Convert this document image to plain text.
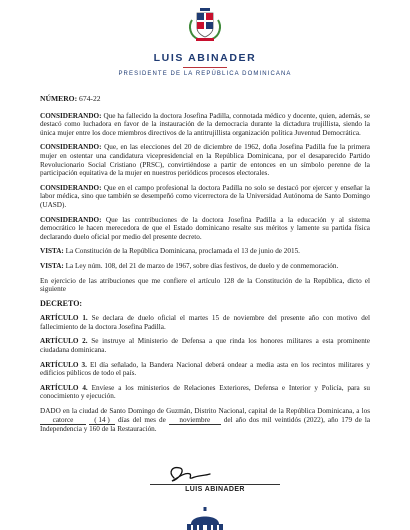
LUIS ABINADER
PRESIDENTE DE LA REPÚBLICA DOMINICANA

NÚMERO: 674-22

CONSIDERANDO: Que ha fallecido la doctora Josefina Padilla, connotada médico y docente, quien, además, se destacó como luchadora en favor de la instauración de la democracia durante la dictadura trujillista, siendo la única mujer entre los doce miembros directivos de la antitrujillista organización política Juventud Democrática.

CONSIDERANDO: Que, en las elecciones del 20 de diciembre de 1962, doña Josefina Padilla fue la primera mujer en ostentar una candidatura vicepresidencial en la República Dominicana, por el desaparecido Partido Revolucionario Social Cristiano (PRSC), convirtiéndose a partir de entonces en un símbolo perenne de la participación equitativa de la mujer en nuestros periódicos procesos electorales.

CONSIDERANDO: Que en el campo profesional la doctora Padilla no solo se destacó por ejercer y enseñar la labor médica, sino que también se desempeñó como vicerrectora de la Universidad Autónoma de Santo Domingo (UASD).

CONSIDERANDO: Que las contribuciones de la doctora Josefina Padilla a la educación y al sistema democrático le hacen merecedora de que el Estado dominicano resalte sus méritos y lamente su partida física declarando duelo oficial por medio del presente decreto.

VISTA: La Constitución de la República Dominicana, proclamada el 13 de junio de 2015.

VISTA: La Ley núm. 108, del 21 de marzo de 1967, sobre días festivos, de duelo y de conmemoración.

En ejercicio de las atribuciones que me confiere el artículo 128 de la Constitución de la República, dicto el siguiente

DECRETO:

ARTÍCULO 1. Se declara de duelo oficial el martes 15 de noviembre del presente año con motivo del fallecimiento de la doctora Josefina Padilla.

ARTÍCULO 2. Se instruye al Ministerio de Defensa a que rinda los honores militares a esta prominente ciudadana dominicana.

ARTÍCULO 3. El día señalado, la Bandera Nacional deberá ondear a media asta en los recintos militares y edificios públicos de todo el país.

ARTÍCULO 4. Envíese a los ministerios de Relaciones Exteriores, Defensa e Interior y Policía, para su conocimiento y ejecución.

DADO en la ciudad de Santo Domingo de Guzmán, Distrito Nacional, capital de la República Dominicana, a los catorce	( 14 ) días del mes de noviembre del año dos mil veintidós (2022), año 179 de la Independencia y 160 de la Restauración.

LUIS ABINADER
